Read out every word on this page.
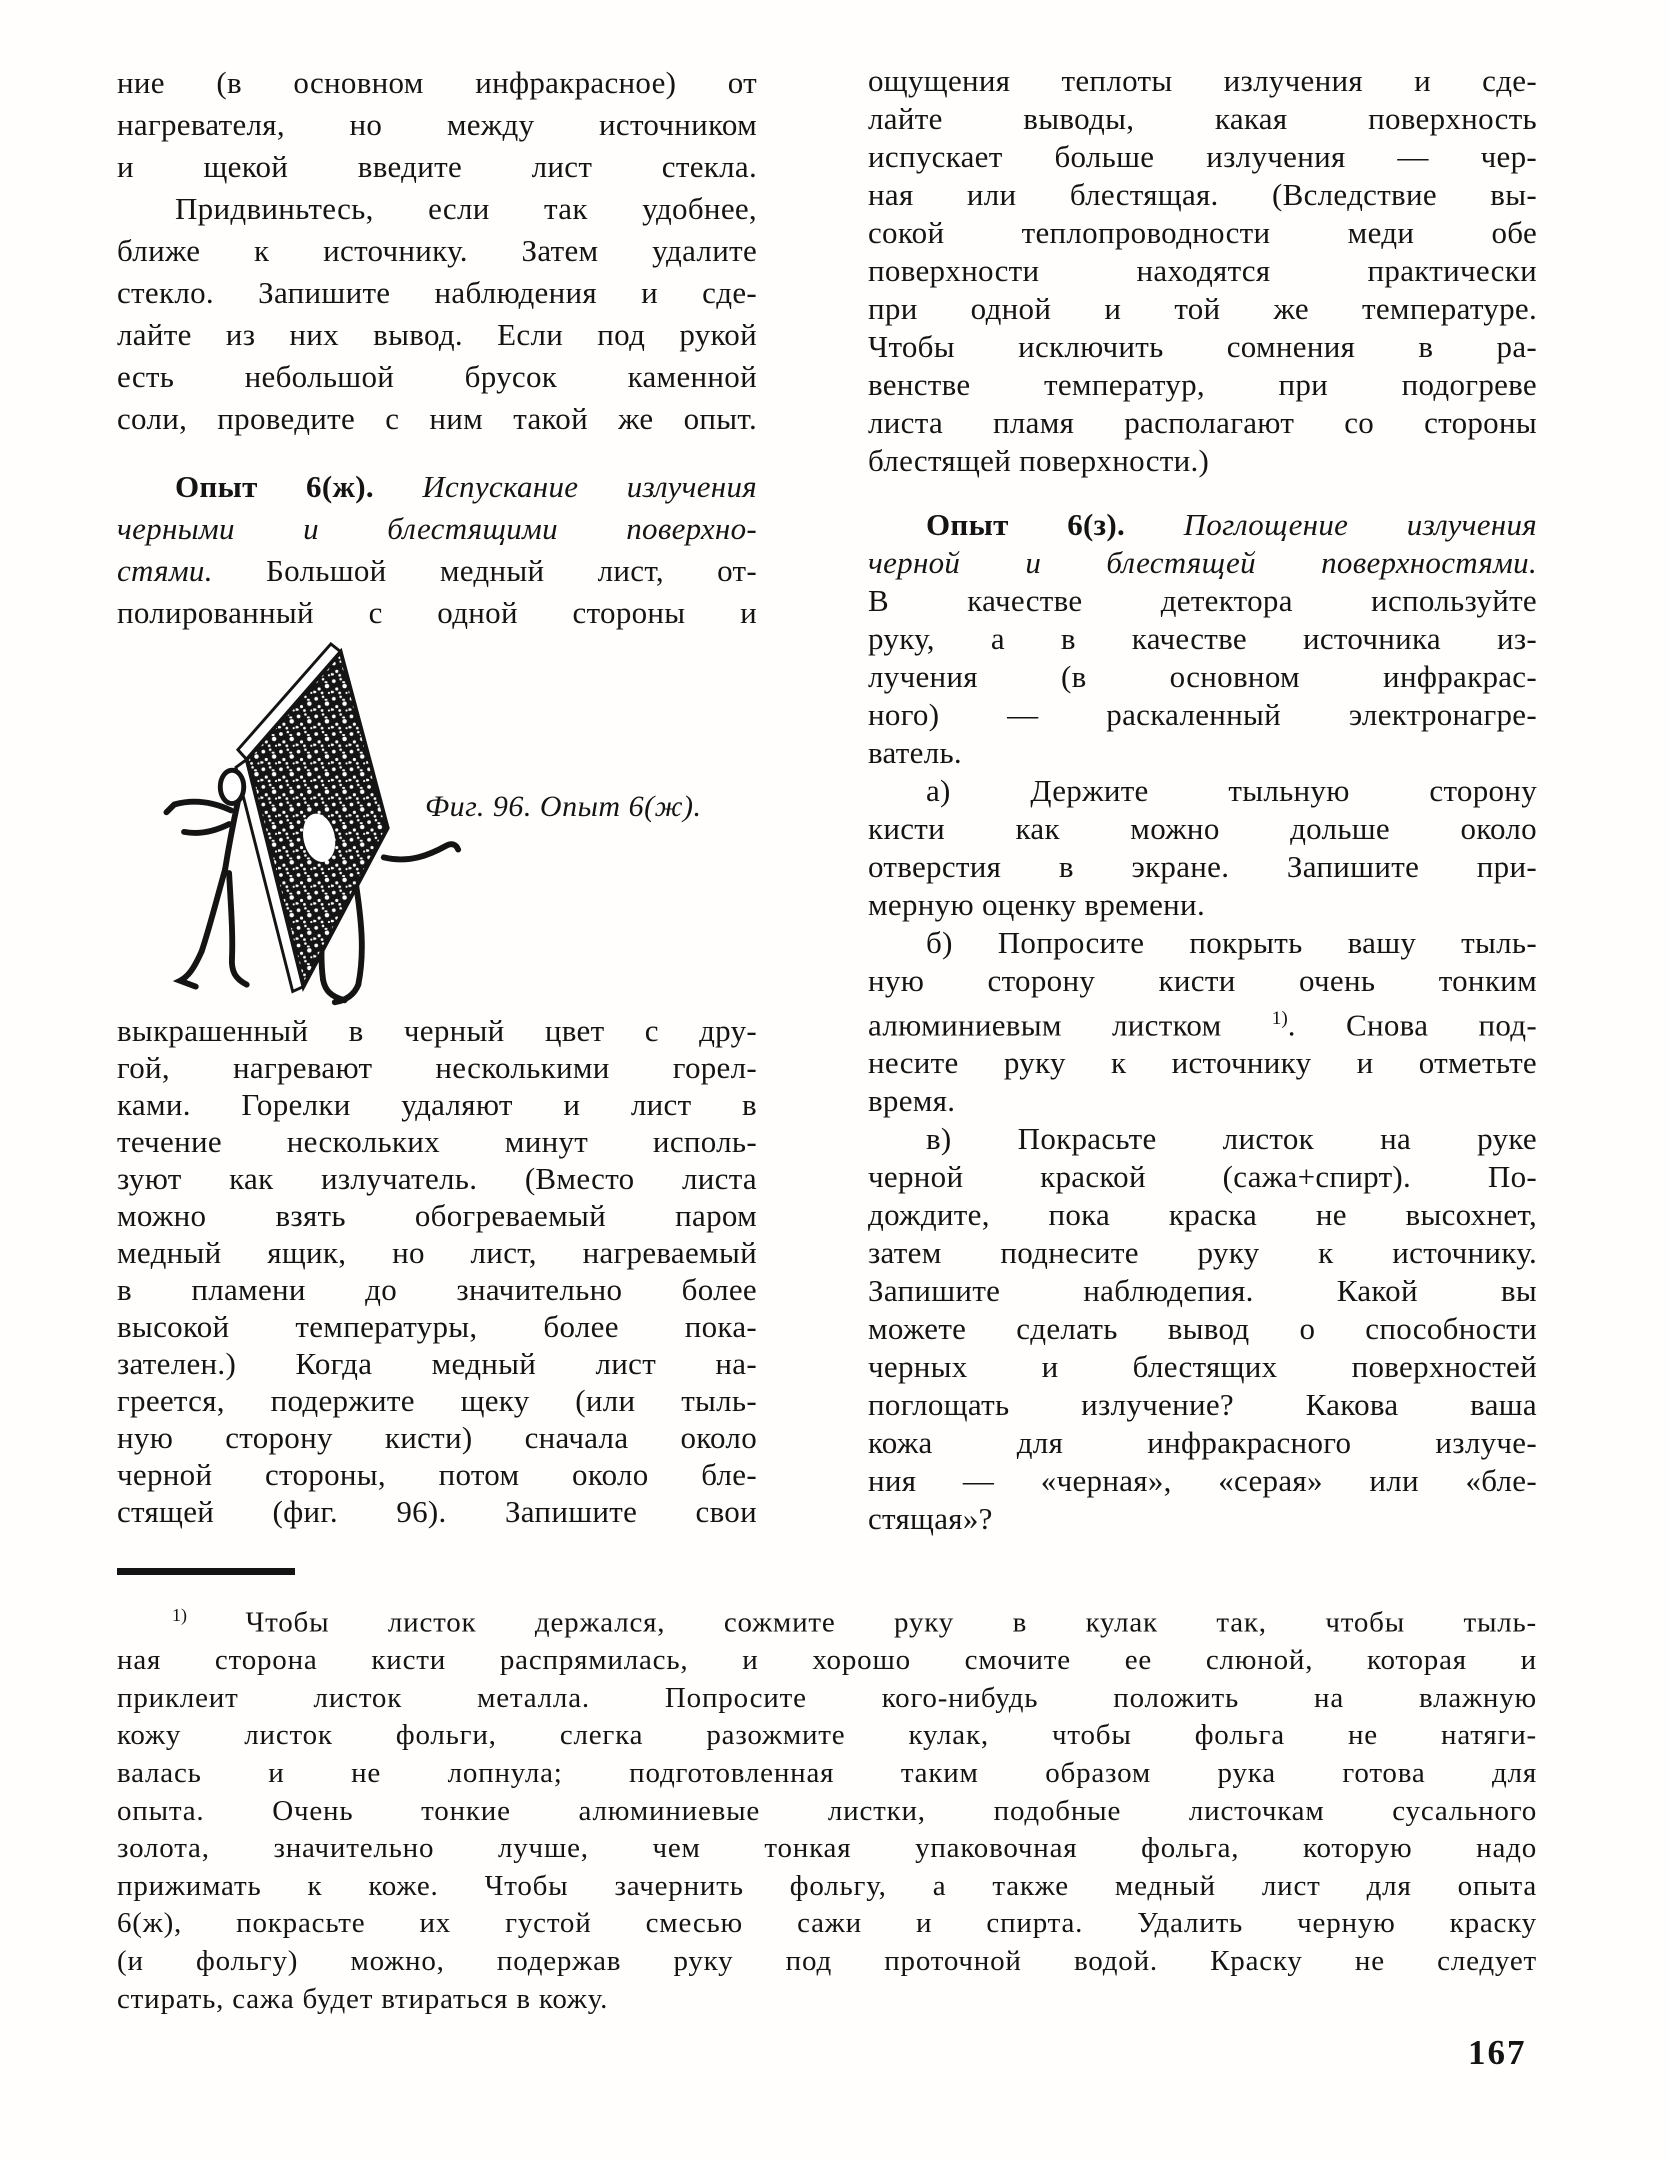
ние (в основном инфракрасное) от
нагревателя, но между источником
и щекой введите лист стекла.
Придвиньтесь, если так удобнее,
ближе к источнику. Затем удалите
стекло. Запишите наблюдения и сде-
лайте из них вывод. Если под рукой
есть небольшой брусок каменной
соли, проведите с ним такой же опыт.
Опыт 6(ж). Испускание излучения
черными и блестящими поверхно-
стями. Большой медный лист, от-
полированный с одной стороны и
Фиг. 96. Опыт 6(ж).
выкрашенный в черный цвет с дру-
гой, нагревают несколькими горел-
ками. Горелки удаляют и лист в
течение нескольких минут исполь-
зуют как излучатель. (Вместо листа
можно взять обогреваемый паром
медный ящик, но лист, нагреваемый
в пламени до значительно более
высокой температуры, более пока-
зателен.) Когда медный лист на-
греется, подержите щеку (или тыль-
ную сторону кисти) сначала около
черной стороны, потом около бле-
стящей (фиг. 96). Запишите свои
ощущения теплоты излучения и сде-
лайте выводы, какая поверхность
испускает больше излучения — чер-
ная или блестящая. (Вследствие вы-
сокой теплопроводности меди обе
поверхности находятся практически
при одной и той же температуре.
Чтобы исключить сомнения в ра-
венстве температур, при подогреве
листа пламя располагают со стороны
блестящей поверхности.)
Опыт 6(з). Поглощение излучения
черной и блестящей поверхностями.
В качестве детектора используйте
руку, а в качестве источника из-
лучения (в основном инфракрас-
ного) — раскаленный электронагре-
ватель.
а) Держите тыльную сторону
кисти как можно дольше около
отверстия в экране. Запишите при-
мерную оценку времени.
б) Попросите покрыть вашу тыль-
ную сторону кисти очень тонким
алюминиевым листком $^{1)}$. Снова под-
несите руку к источнику и отметьте
время.
в) Покрасьте листок на руке
черной краской (сажа+спирт). По-
дождите, пока краска не высохнет,
затем поднесите руку к источнику.
Запишите наблюдепия. Какой вы
можете сделать вывод о способности
черных и блестящих поверхностей
поглощать излучение? Какова ваша
кожа для инфракрасного излуче-
ния — «черная», «серая» или «бле-
стящая»?
$^{1)}$ Чтобы листок держался, сожмите руку в кулак так, чтобы тыль-
ная сторона кисти распрямилась, и хорошо смочите ее слюной, которая и
приклеит листок металла. Попросите кого-нибудь положить на влажную
кожу листок фольги, слегка разожмите кулак, чтобы фольга не натяги-
валась и не лопнула; подготовленная таким образом рука готова для
опыта. Очень тонкие алюминиевые листки, подобные листочкам сусального
золота, значительно лучше, чем тонкая упаковочная фольга, которую надо
прижимать к коже. Чтобы зачернить фольгу, а также медный лист для опыта
6(ж), покрасьте их густой смесью сажи и спирта. Удалить черную краску
(и фольгу) можно, подержав руку под проточной водой. Краску не следует
стирать, сажа будет втираться в кожу.
167
